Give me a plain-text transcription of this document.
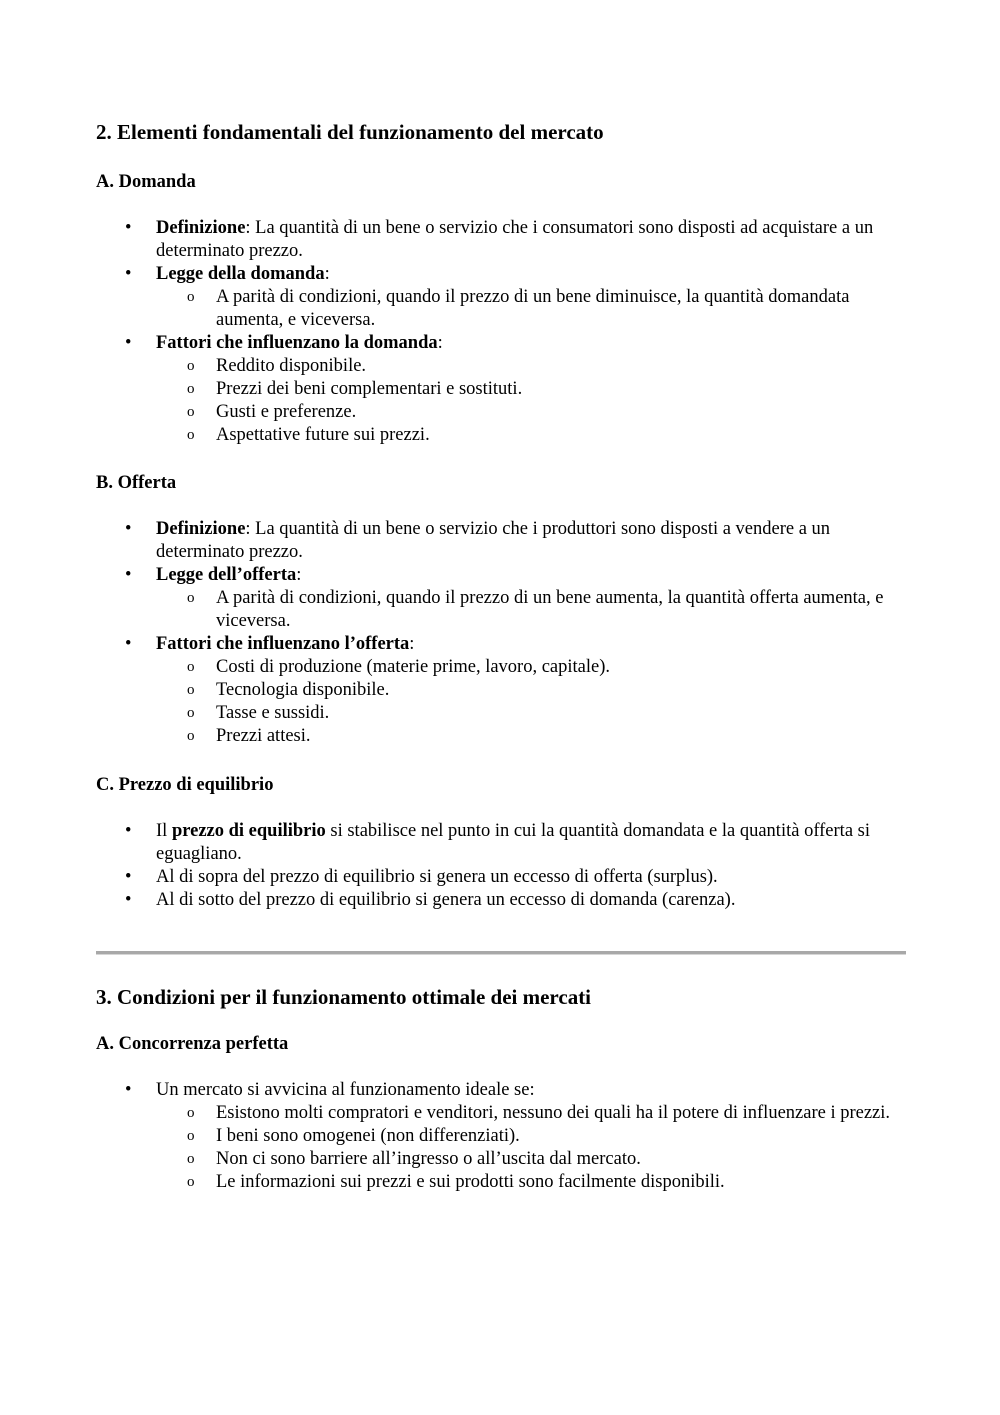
2. Elementi fondamentali del funzionamento del mercato
A. Domanda
• Definizione: La quantità di un bene o servizio che i consumatori sono disposti ad acquistare a un determinato prezzo.
• Legge della domanda:
o A parità di condizioni, quando il prezzo di un bene diminuisce, la quantità domandata aumenta, e viceversa.
• Fattori che influenzano la domanda:
o Reddito disponibile.
o Prezzi dei beni complementari e sostituti.
o Gusti e preferenze.
o Aspettative future sui prezzi.
B. Offerta
• Definizione: La quantità di un bene o servizio che i produttori sono disposti a vendere a un determinato prezzo.
• Legge dell’offerta:
o A parità di condizioni, quando il prezzo di un bene aumenta, la quantità offerta aumenta, e viceversa.
• Fattori che influenzano l’offerta:
o Costi di produzione (materie prime, lavoro, capitale).
o Tecnologia disponibile.
o Tasse e sussidi.
o Prezzi attesi.
C. Prezzo di equilibrio
• Il prezzo di equilibrio si stabilisce nel punto in cui la quantità domandata e la quantità offerta si eguagliano.
• Al di sopra del prezzo di equilibrio si genera un eccesso di offerta (surplus).
• Al di sotto del prezzo di equilibrio si genera un eccesso di domanda (carenza).
3. Condizioni per il funzionamento ottimale dei mercati
A. Concorrenza perfetta
• Un mercato si avvicina al funzionamento ideale se:
o Esistono molti compratori e venditori, nessuno dei quali ha il potere di influenzare i prezzi.
o I beni sono omogenei (non differenziati).
o Non ci sono barriere all’ingresso o all’uscita dal mercato.
o Le informazioni sui prezzi e sui prodotti sono facilmente disponibili.
